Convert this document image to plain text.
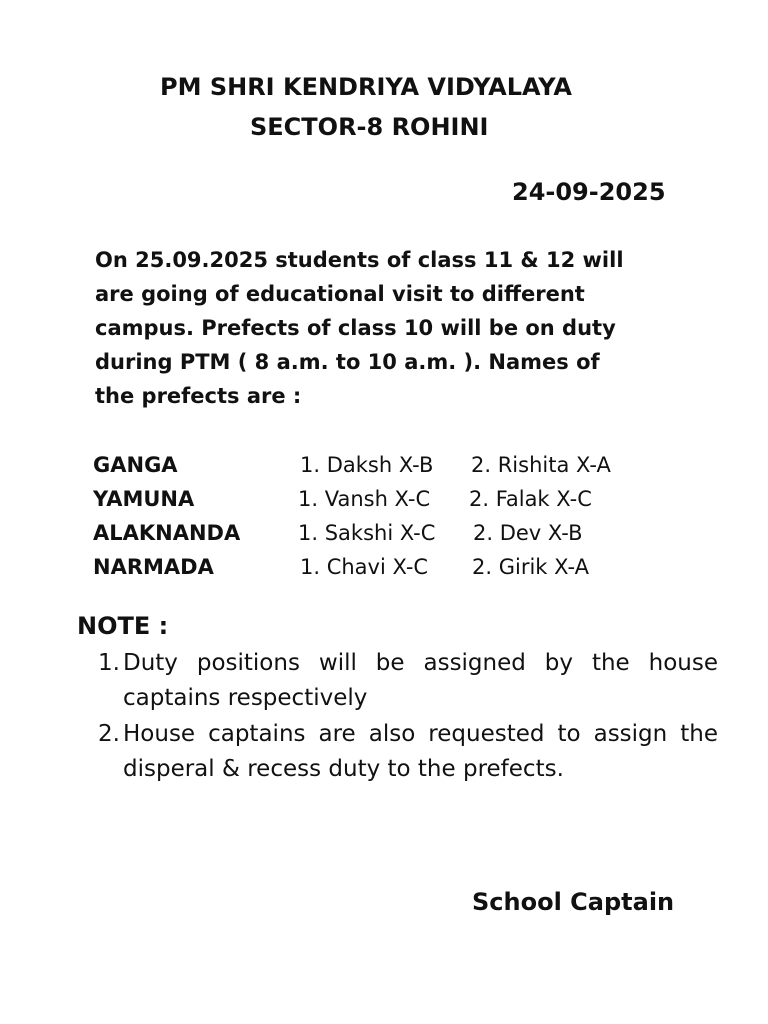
PM SHRI KENDRIYA VIDYALAYA
SECTOR-8 ROHINI
24-09-2025
On 25.09.2025 students of class 11 & 12 will
are going of educational visit to different
campus. Prefects of class 10 will be on duty
during PTM ( 8 a.m. to 10 a.m. ). Names of
the prefects are :
GANGA	1. Daksh X-B 2. Rishita X-A
YAMUNA	1. Vansh X-C 2. Falak X-C
ALAKNANDA	1. Sakshi X-C 2. Dev X-B
NARMADA	1. Chavi X-C 2. Girik X-A
NOTE :
1. Duty positions will be assigned by the house captains respectively
2. House captains are also requested to assign the disperal & recess duty to the prefects.
School Captain
